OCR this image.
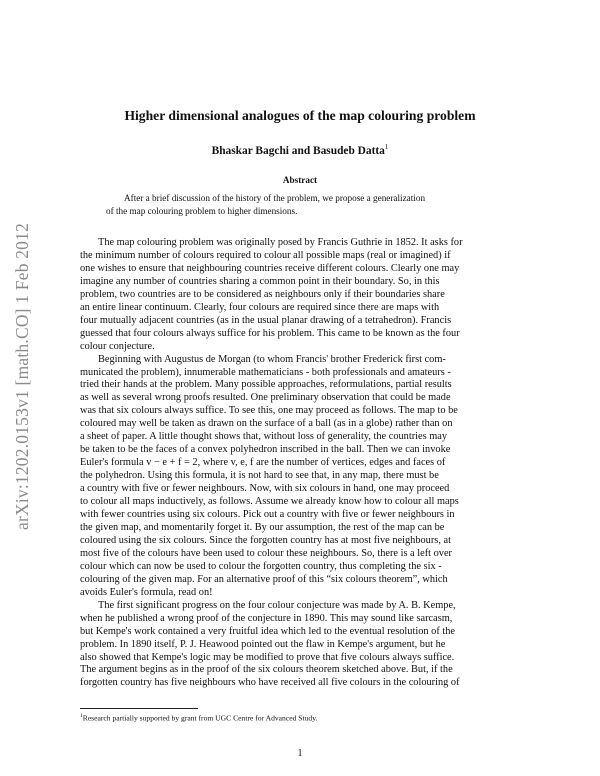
arXiv:1202.0153v1 [math.CO] 1 Feb 2012
Higher dimensional analogues of the map colouring problem
Bhaskar Bagchi and Basudeb Datta$^1$
Abstract
After a brief discussion of the history of the problem, we propose a generalization
of the map colouring problem to higher dimensions.
The map colouring problem was originally posed by Francis Guthrie in 1852. It asks for
the minimum number of colours required to colour all possible maps (real or imagined) if
one wishes to ensure that neighbouring countries receive different colours. Clearly one may
imagine any number of countries sharing a common point in their boundary. So, in this
problem, two countries are to be considered as neighbours only if their boundaries share
an entire linear continuum. Clearly, four colours are required since there are maps with
four mutually adjacent countries (as in the usual planar drawing of a tetrahedron). Francis
guessed that four colours always suffice for his problem. This came to be known as the four
colour conjecture.
Beginning with Augustus de Morgan (to whom Francis' brother Frederick first com-
municated the problem), innumerable mathematicians - both professionals and amateurs -
tried their hands at the problem. Many possible approaches, reformulations, partial results
as well as several wrong proofs resulted. One preliminary observation that could be made
was that six colours always suffice. To see this, one may proceed as follows. The map to be
coloured may well be taken as drawn on the surface of a ball (as in a globe) rather than on
a sheet of paper. A little thought shows that, without loss of generality, the countries may
be taken to be the faces of a convex polyhedron inscribed in the ball. Then we can invoke
Euler's formula v − e + f = 2, where v, e, f are the number of vertices, edges and faces of
the polyhedron. Using this formula, it is not hard to see that, in any map, there must be
a country with five or fewer neighbours. Now, with six colours in hand, one may proceed
to colour all maps inductively, as follows. Assume we already know how to colour all maps
with fewer countries using six colours. Pick out a country with five or fewer neighbours in
the given map, and momentarily forget it. By our assumption, the rest of the map can be
coloured using the six colours. Since the forgotten country has at most five neighbours, at
most five of the colours have been used to colour these neighbours. So, there is a left over
colour which can now be used to colour the forgotten country, thus completing the six -
colouring of the given map. For an alternative proof of this “six colours theorem”, which
avoids Euler's formula, read on!
The first significant progress on the four colour conjecture was made by A. B. Kempe,
when he published a wrong proof of the conjecture in 1890. This may sound like sarcasm,
but Kempe's work contained a very fruitful idea which led to the eventual resolution of the
problem. In 1890 itself, P. J. Heawood pointed out the flaw in Kempe's argument, but he
also showed that Kempe's logic may be modified to prove that five colours always suffice.
The argument begins as in the proof of the six colours theorem sketched above. But, if the
forgotten country has five neighbours who have received all five colours in the colouring of
$^1$Research partially supported by grant from UGC Centre for Advanced Study.
1
